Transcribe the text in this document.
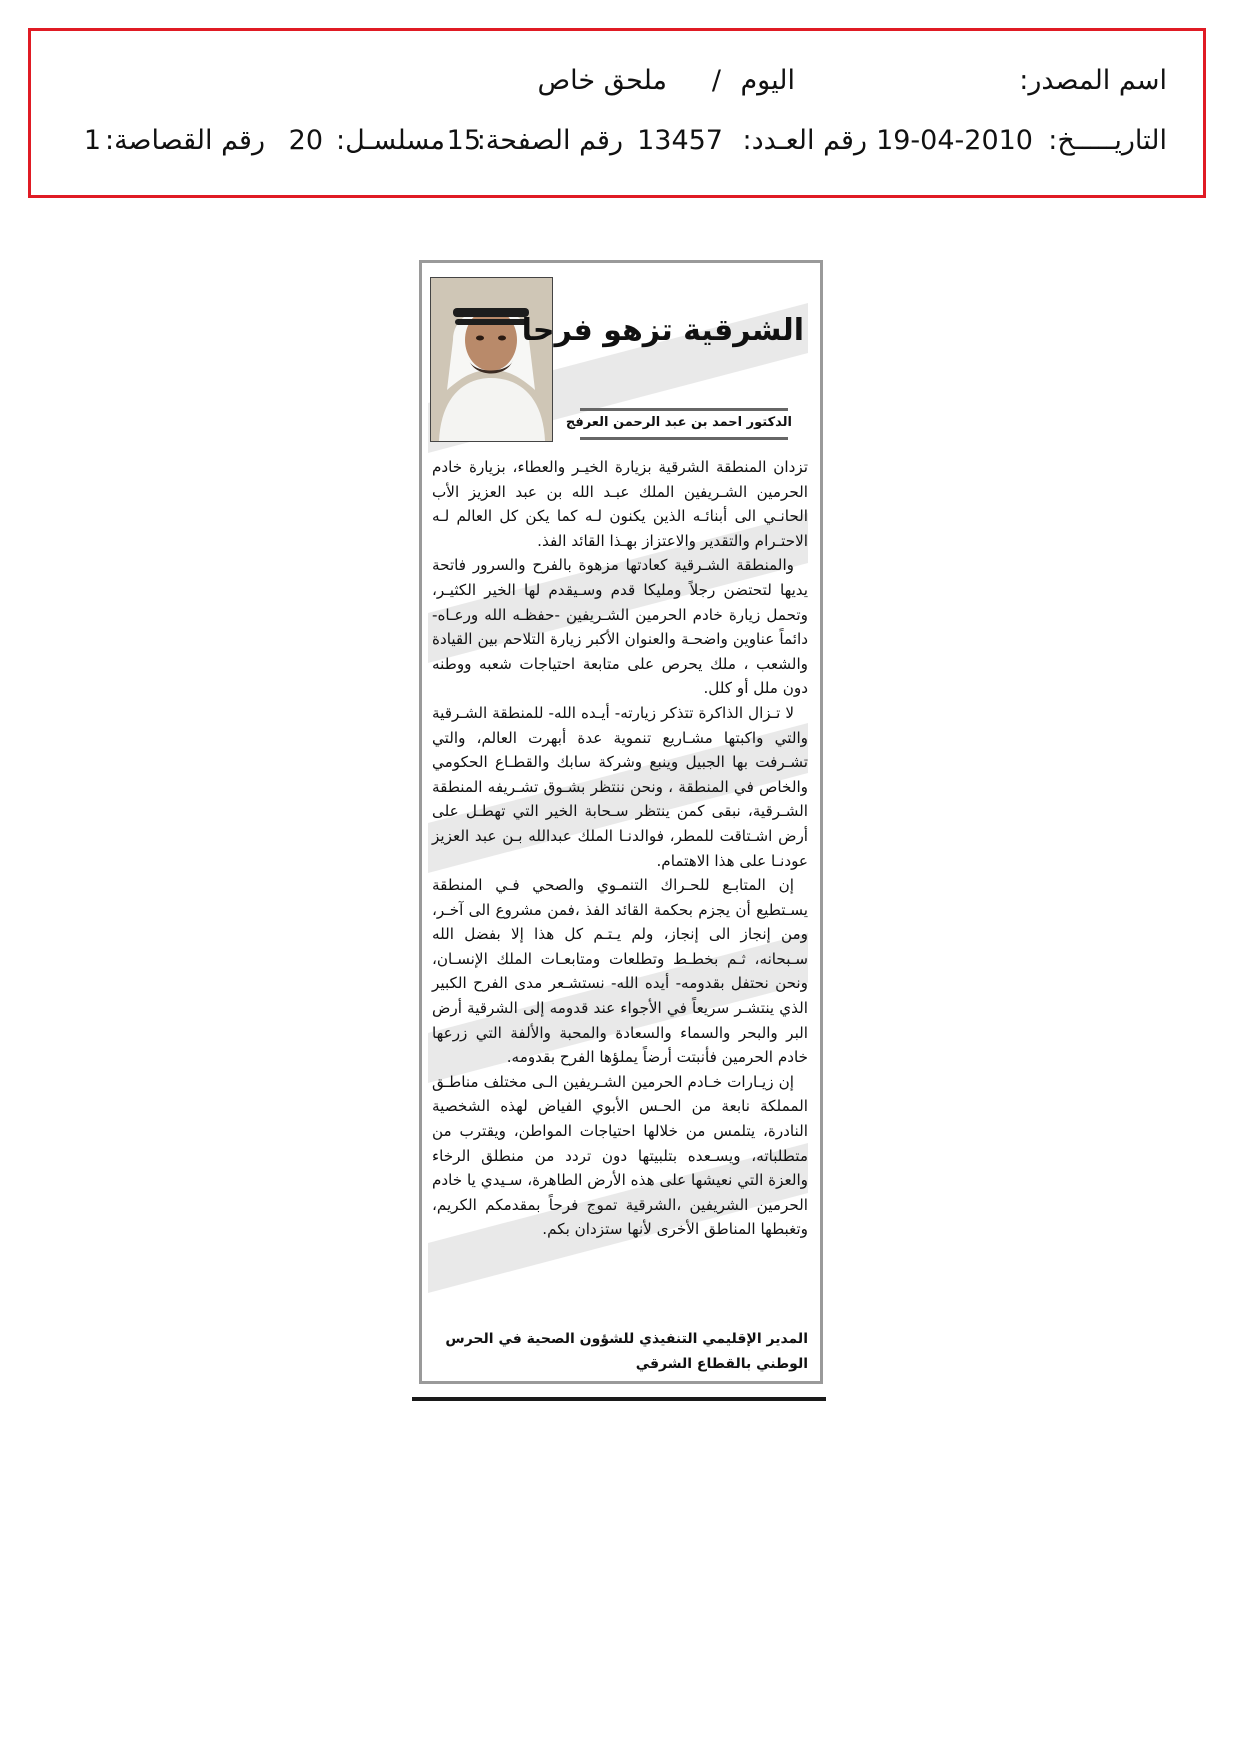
اسم المصدر:
اليوم
/
ملحق خاص
التاريـــــخ:
19-04-2010
رقم العـدد:
13457
رقم الصفحة:
15
مسلسـل:
20
رقم القصاصة:
1
الشرقية تزهو فرحا
الدكتور احمد بن عبد الرحمن العرفج

تزدان المنطقة الشرقية بزيارة الخيـر والعطاء، بزيارة خادم الحرمين الشـريفين الملك عبـد الله بن عبد العزيز الأب الحانـي الى أبنائـه الذين يكنون لـه كما يكن كل العالم لـه الاحتـرام والتقدير والاعتزاز بهـذا القائد الفذ.

والمنطقة الشـرقية كعادتها مزهوة بالفرح والسرور فاتحة يديها لتحتضن رجلاً ومليكا قدم وسـيقدم لها الخير الكثيـر، وتحمل زيارة خادم الحرمين الشـريفين -حفظـه الله ورعـاه- دائماً عناوين واضحـة والعنوان الأكبر زيارة التلاحم بين القيادة والشعب ، ملك يحرص على متابعة احتياجات شعبه ووطنه دون ملل أو كلل.

لا تـزال الذاكرة تتذكر زيارته- أيـده الله- للمنطقة الشـرقية والتي واكبتها مشـاريع تنموية عدة أبهرت العالم، والتي تشـرفت بها الجبيل وينبع وشركة سابك والقطـاع الحكومي والخاص في المنطقة ، ونحن ننتظر بشـوق تشـريفه المنطقة الشـرقية، نبقى كمن ينتظر سـحابة الخير التي تهطـل على أرض اشـتاقت للمطر، فوالدنـا الملك عبدالله بـن عبد العزيز عودنـا على هذا الاهتمام.

إن المتابـع للحـراك التنمـوي والصحي فـي المنطقة يسـتطيع أن يجزم بحكمة القائد الفذ ،فمن مشروع الى آخـر، ومن إنجاز الى إنجاز، ولم يـتـم كل هذا إلا بفضل الله سـبحانه، ثـم بخطـط وتطلعات ومتابعـات الملك الإنسـان، ونحن نحتفل بقدومه- أيده الله- نستشـعر مدى الفرح الكبير الذي ينتشـر سريعاً في الأجواء عند قدومه إلى الشرقية أرض البر والبحر والسماء والسعادة والمحبة والألفة التي زرعها خادم الحرمين فأنبتت أرضاً يملؤها الفرح بقدومه.

إن زيـارات خـادم الحرمين الشـريفين الـى مختلف مناطـق المملكة نابعة من الحـس الأبوي الفياض لهذه الشخصية النادرة، يتلمس من خلالها احتياجات المواطن، ويقترب من متطلباته، ويسـعده بتلبيتها دون تردد من منطلق الرخاء والعزة التي نعيشها على هذه الأرض الطاهرة، سـيدي يا خادم الحرمين الشريفين ،الشرقية تموج فرحاً بمقدمكم الكريم، وتغبطها المناطق الأخرى لأنها ستزدان بكم.

المدير الإقليمي التنفيذي للشؤون الصحية في الحرس الوطني بالقطاع الشرقي
